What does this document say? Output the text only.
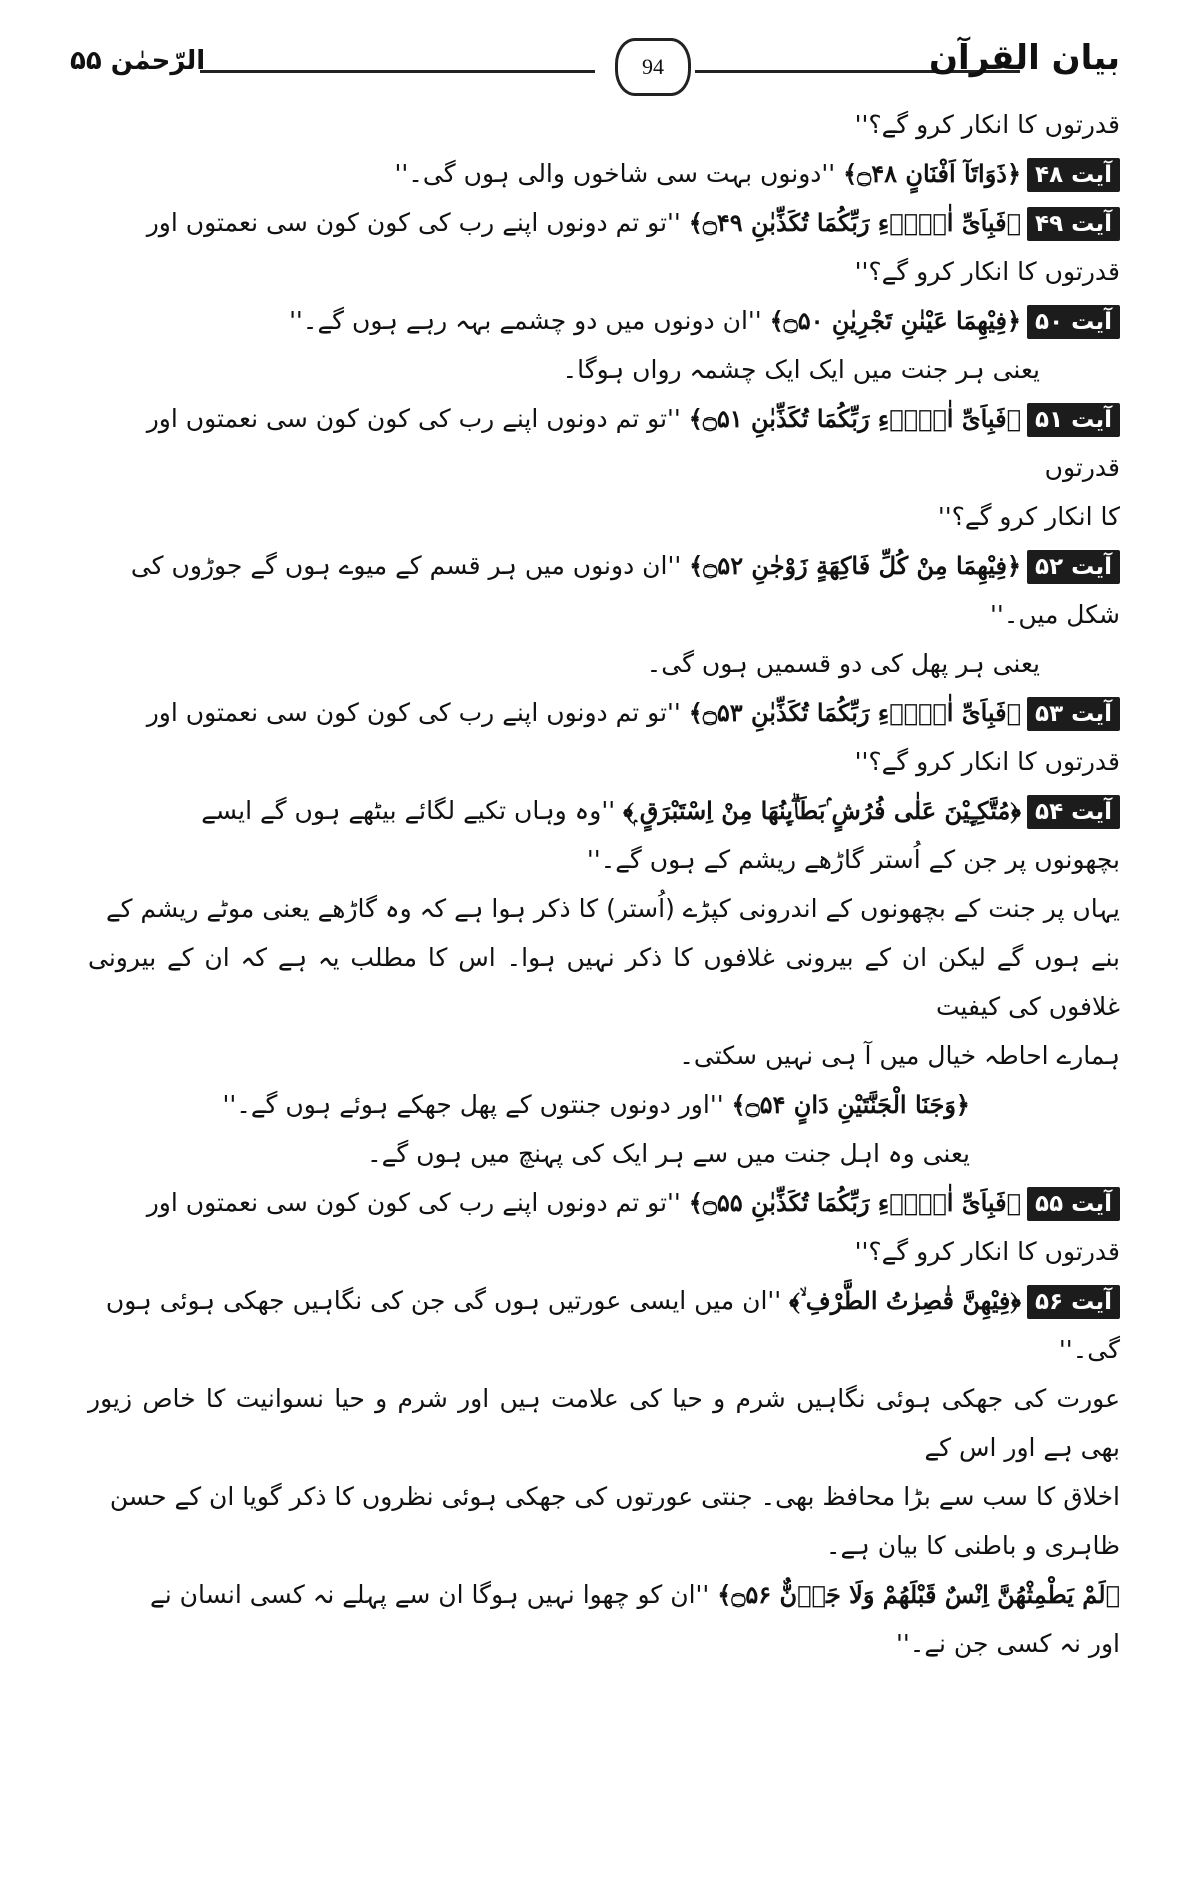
بیان القرآن
94
الرّحمٰن ۵۵

قدرتوں کا انکار کرو گے؟''

آیت ۴۸﴿ذَوَاتَآ اَفْنَانٍ ۝۴۸﴾ ''دونوں بہت سی شاخوں والی ہوں گی۔''

آیت ۴۹﴿فَبِاَیِّ اٰلَاۗءِ رَبِّکُمَا تُکَذِّبٰنِ ۝۴۹﴾ ''تو تم دونوں اپنے رب کی کون کون سی نعمتوں اور

قدرتوں کا انکار کرو گے؟''

آیت ۵۰﴿فِیْهِمَا عَیْنٰنِ تَجْرِیٰنِ ۝۵۰﴾ ''ان دونوں میں دو چشمے بہہ رہے ہوں گے۔''

یعنی ہر جنت میں ایک ایک چشمہ رواں ہوگا۔

آیت ۵۱﴿فَبِاَیِّ اٰلَاۗءِ رَبِّکُمَا تُکَذِّبٰنِ ۝۵۱﴾ ''تو تم دونوں اپنے رب کی کون کون سی نعمتوں اور قدرتوں

کا انکار کرو گے؟''

آیت ۵۲﴿فِیْهِمَا مِنْ کُلِّ فَاکِهَةٍ زَوْجٰنِ ۝۵۲﴾ ''ان دونوں میں ہر قسم کے میوے ہوں گے جوڑوں کی

شکل میں۔''

یعنی ہر پھل کی دو قسمیں ہوں گی۔

آیت ۵۳﴿فَبِاَیِّ اٰلَاۗءِ رَبِّکُمَا تُکَذِّبٰنِ ۝۵۳﴾ ''تو تم دونوں اپنے رب کی کون کون سی نعمتوں اور

قدرتوں کا انکار کرو گے؟''

آیت ۵۴﴿مُتَّکِـِٕیْنَ عَلٰی فُرُشٍ ۢبَطَاۗىِٕنُهَا مِنْ اِسْتَبْرَقٍ ۭ﴾ ''وہ وہاں تکیے لگائے بیٹھے ہوں گے ایسے

بچھونوں پر جن کے اُستر گاڑھے ریشم کے ہوں گے۔''

یہاں پر جنت کے بچھونوں کے اندرونی کپڑے (اُستر) کا ذکر ہوا ہے کہ وہ گاڑھے یعنی موٹے ریشم کے

بنے ہوں گے لیکن ان کے بیرونی غلافوں کا ذکر نہیں ہوا۔ اس کا مطلب یہ ہے کہ ان کے بیرونی غلافوں کی کیفیت

ہمارے احاطہ خیال میں آ ہی نہیں سکتی۔

﴿وَجَنَا الْجَنَّتَیْنِ دَانٍ ۝۵۴﴾ ''اور دونوں جنتوں کے پھل جھکے ہوئے ہوں گے۔''

یعنی وہ اہل جنت میں سے ہر ایک کی پہنچ میں ہوں گے۔

آیت ۵۵﴿فَبِاَیِّ اٰلَاۗءِ رَبِّکُمَا تُکَذِّبٰنِ ۝۵۵﴾ ''تو تم دونوں اپنے رب کی کون کون سی نعمتوں اور

قدرتوں کا انکار کرو گے؟''

آیت ۵۶﴿فِیْهِنَّ قٰصِرٰتُ الطَّرْفِ ۙ﴾ ''ان میں ایسی عورتیں ہوں گی جن کی نگاہیں جھکی ہوئی ہوں گی۔''

عورت کی جھکی ہوئی نگاہیں شرم و حیا کی علامت ہیں اور شرم و حیا نسوانیت کا خاص زیور بھی ہے اور اس کے

اخلاق کا سب سے بڑا محافظ بھی۔ جنتی عورتوں کی جھکی ہوئی نظروں کا ذکر گویا ان کے حسن ظاہری و باطنی کا بیان ہے۔

﴿لَمْ یَطْمِثْهُنَّ اِنْسٌ قَبْلَهُمْ وَلَا جَاۗنٌّ ۝۵۶﴾ ''ان کو چھوا نہیں ہوگا ان سے پہلے نہ کسی انسان نے

اور نہ کسی جن نے۔''
